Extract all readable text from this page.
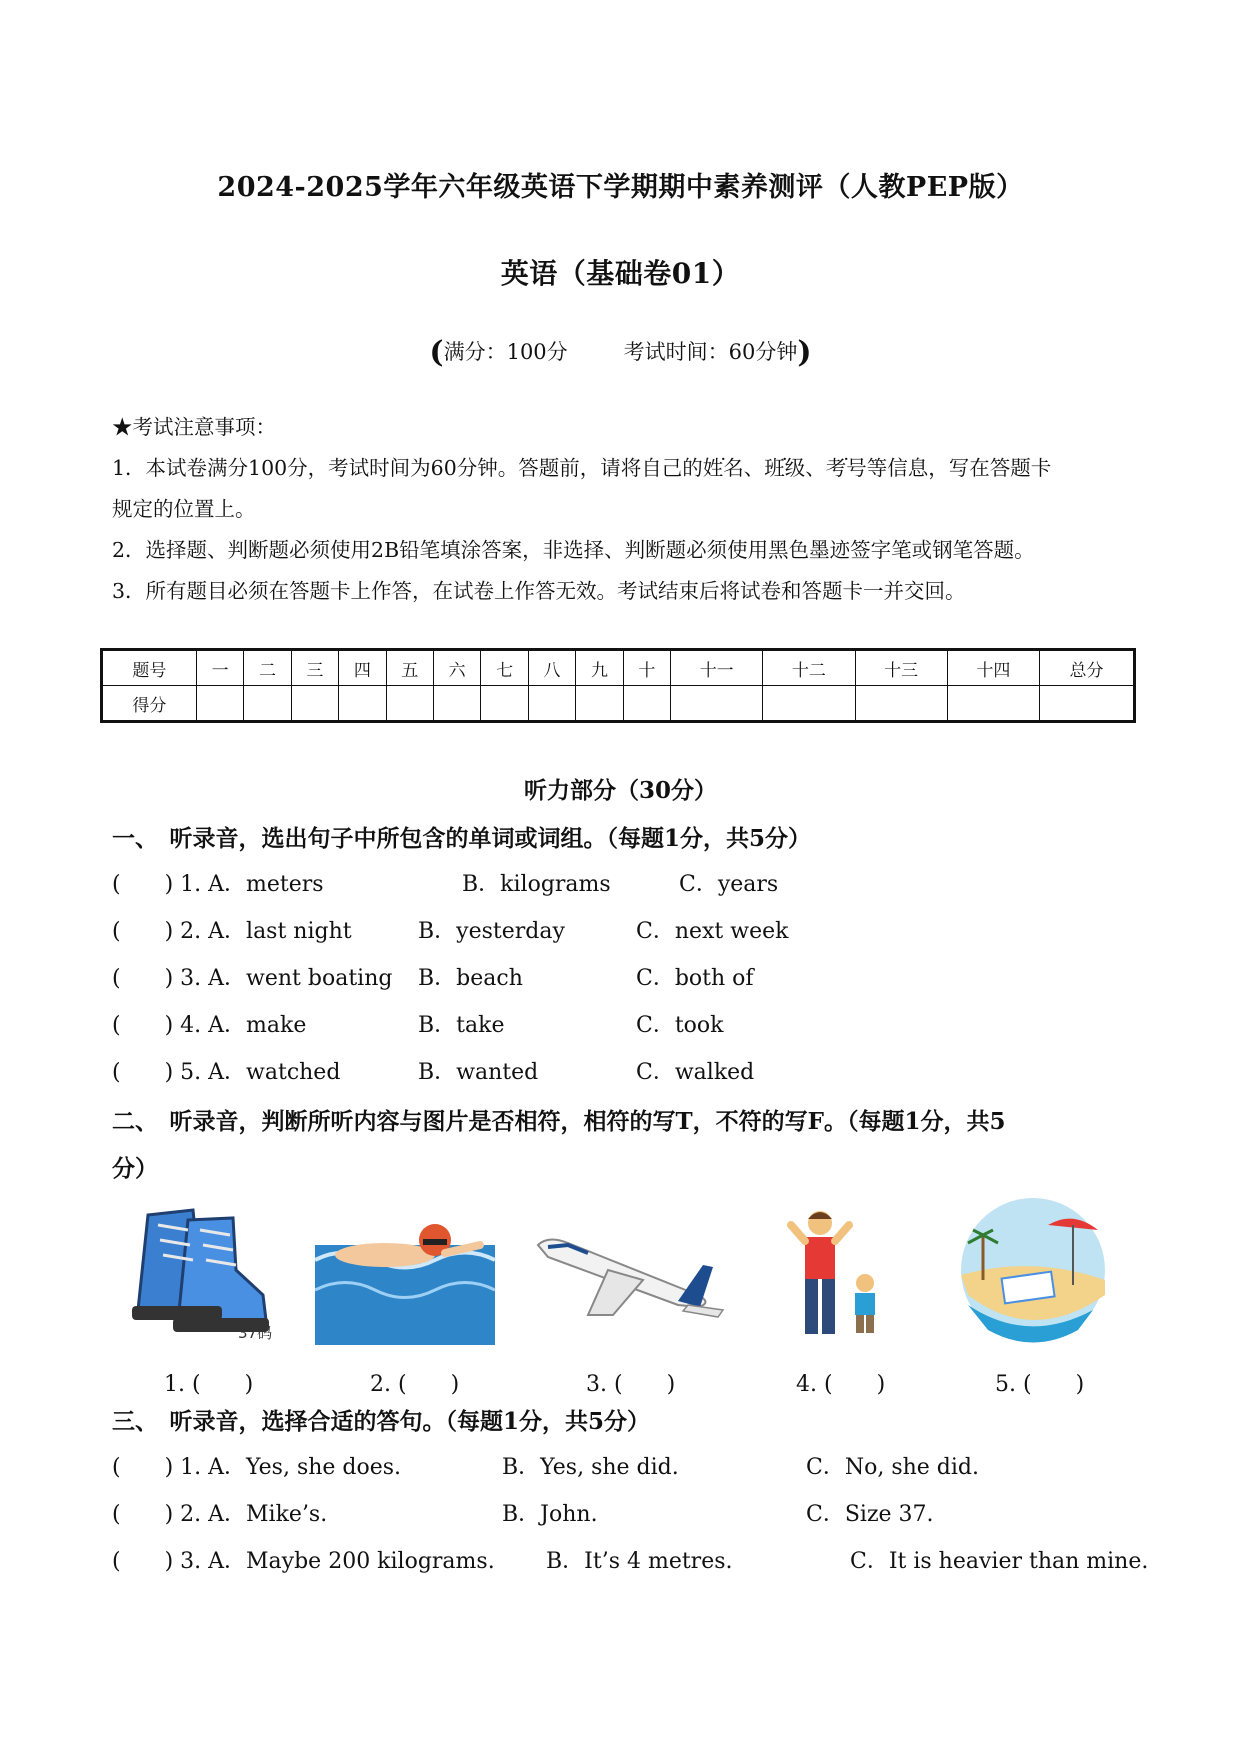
2024-2025学年六年级英语下学期期中素养测评（人教PEP版）
英语（基础卷01）
(满分：100分	考试时间：60分钟)

★考试注意事项：

1．本试卷满分100分，考试时间为60分钟。答题前，请将自己的姓名、班级、考号等信息，写在答题卡

规定的位置上。

2．选择题、判断题必须使用2B铅笔填涂答案，非选择、判断题必须使用黑色墨迹签字笔或钢笔答题。

3．所有题目必须在答题卡上作答，在试卷上作答无效。考试结束后将试卷和答题卡一并交回。

题号	一	二	三	四	五	六	七	八	九	十	十一	十二	十三	十四	总分
得分															
听力部分（30分）
一、　听录音，选出句子中所包含的单词或词组。（每题1分，共5分）
(　　) 1. A．meters	B．kilograms	C．years
(　　) 2. A．last night	B．yesterday	C．next week
(　　) 3. A．went boating B．beach	C．both of
(　　) 4. A．make	B．take	C．took
(　　) 5. A．watched	B．wanted	C．walked
二、　听录音，判断所听内容与图片是否相符，相符的写T，不符的写F。（每题1分，共5
分）
37码
1. (　　)	2. (　　)	3. (　　)	4. (　　)	5. (　　)
三、　听录音，选择合适的答句。（每题1分，共5分）
(　　) 1. A．Yes, she does.	B．Yes, she did.	C．No, she did.
(　　) 2. A．Mike’s.	B．John.	C．Size 37.
(　　) 3. A．Maybe 200 kilograms. B．It’s 4 metres.	C．It is heavier than mine.
